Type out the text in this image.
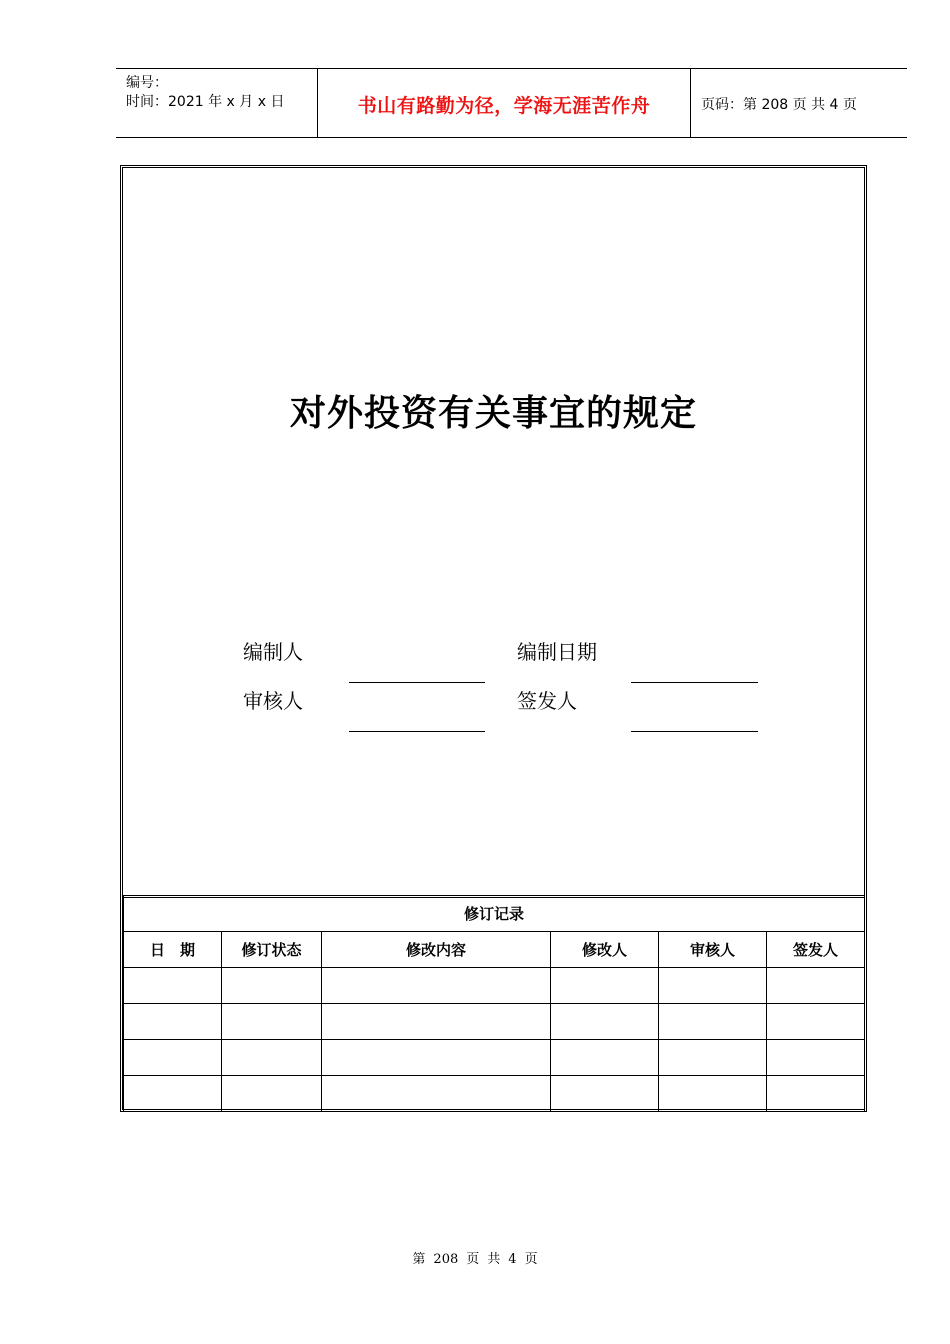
编号：
时间：2021 年 x 月 x 日	书山有路勤为径，学海无涯苦作舟	页码：第 208 页 共 4 页
对外投资有关事宜的规定
编制人	编制日期
审核人	签发人
修订记录					
日　期	修订状态	修改内容	修改人	审核人	签发人

第 208 页 共 4 页
